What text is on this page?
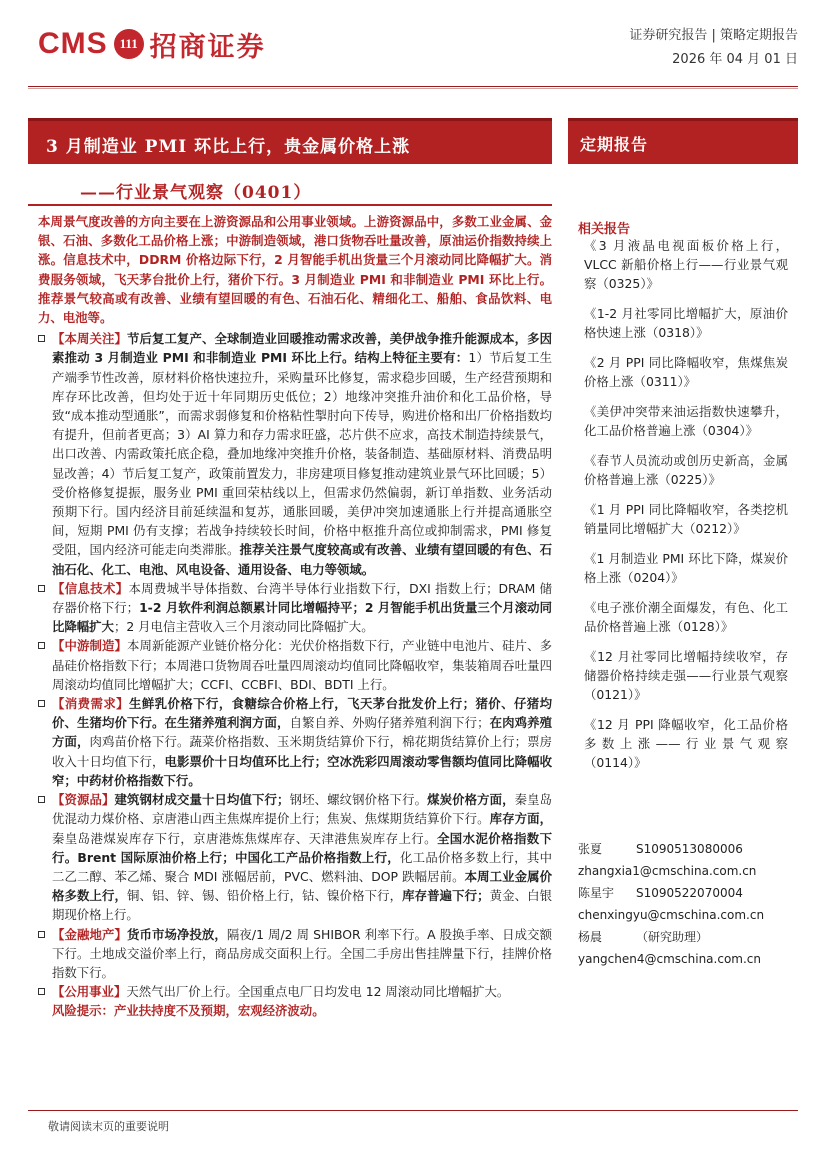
CMS 111 招商证券	证券研究报告 | 策略定期报告
2026 年 04 月 01 日
3 月制造业 PMI 环比上行，贵金属价格上涨
——行业景气观察（0401）
定期报告

本周景气度改善的方向主要在上游资源品和公用事业领域。上游资源品中，多数工业金属、金银、石油、多数化工品价格上涨；中游制造领域，港口货物吞吐量改善，原油运价指数持续上涨。信息技术中，DDRM 价格边际下行，2 月智能手机出货量三个月滚动同比降幅扩大。消费服务领域，飞天茅台批价上行，猪价下行。3 月制造业 PMI 和非制造业 PMI 环比上行。推荐景气较高或有改善、业绩有望回暖的有色、石油石化、精细化工、船舶、食品饮料、电力、电池等。

【本周关注】节后复工复产、全球制造业回暖推动需求改善，美伊战争推升能源成本，多因素推动 3 月制造业 PMI 和非制造业 PMI 环比上行。结构上特征主要有：1）节后复工生产端季节性改善，原材料价格快速拉升，采购量环比修复，需求稳步回暖，生产经营预期和库存环比改善，但均处于近十年同期历史低位；2）地缘冲突推升油价和化工品价格，导致“成本推动型通胀”，而需求弱修复和价格粘性掣肘向下传导，购进价格和出厂价格指数均有提升，但前者更高；3）AI 算力和存力需求旺盛，芯片供不应求，高技术制造持续景气，出口改善、内需政策托底企稳，叠加地缘冲突推升价格，装备制造、基础原材料、消费品明显改善；4）节后复工复产，政策前置发力，非房建项目修复推动建筑业景气环比回暖；5）受价格修复提振，服务业 PMI 重回荣枯线以上，但需求仍然偏弱，新订单指数、业务活动预期下行。国内经济目前延续温和复苏，通胀回暖，美伊冲突加速通胀上行并提高通胀空间，短期 PMI 仍有支撑；若战争持续较长时间，价格中枢推升高位或抑制需求，PMI 修复受阻，国内经济可能走向类滞胀。推荐关注景气度较高或有改善、业绩有望回暖的有色、石油石化、化工、电池、风电设备、通用设备、电力等领域。

【信息技术】本周费城半导体指数、台湾半导体行业指数下行，DXI 指数上行；DRAM 储存器价格下行；1-2 月软件利润总额累计同比增幅持平；2 月智能手机出货量三个月滚动同比降幅扩大；2 月电信主营收入三个月滚动同比降幅扩大。

【中游制造】本周新能源产业链价格分化：光伏价格指数下行，产业链中电池片、硅片、多晶硅价格指数下行；本周港口货物周吞吐量四周滚动均值同比降幅收窄，集装箱周吞吐量四周滚动均值同比增幅扩大；CCFI、CCBFI、BDI、BDTI 上行。

【消费需求】生鲜乳价格下行，食糖综合价格上行，飞天茅台批发价上行；猪价、仔猪均价、生猪均价下行。在生猪养殖利润方面，自繁自养、外购仔猪养殖利润下行；在肉鸡养殖方面，肉鸡苗价格下行。蔬菜价格指数、玉米期货结算价下行，棉花期货结算价上行；票房收入十日均值下行，电影票价十日均值环比上行；空冰洗彩四周滚动零售额均值同比降幅收窄；中药材价格指数下行。

【资源品】建筑钢材成交量十日均值下行；钢坯、螺纹钢价格下行。煤炭价格方面，秦皇岛优混动力煤价格、京唐港山西主焦煤库提价上行；焦炭、焦煤期货结算价下行。库存方面，秦皇岛港煤炭库存下行，京唐港炼焦煤库存、天津港焦炭库存上行。全国水泥价格指数下行。Brent 国际原油价格上行；中国化工产品价格指数上行，化工品价格多数上行，其中二乙二醇、苯乙烯、聚合 MDI 涨幅居前，PVC、燃料油、DOP 跌幅居前。本周工业金属价格多数上行，铜、铝、锌、锡、铅价格上行，钴、镍价格下行，库存普遍下行；黄金、白银期现价格上行。

【金融地产】货币市场净投放，隔夜/1 周/2 周 SHIBOR 利率下行。A 股换手率、日成交额下行。土地成交溢价率上行，商品房成交面积上行。全国二手房出售挂牌量下行，挂牌价格指数下行。

【公用事业】天然气出厂价上行。全国重点电厂日均发电 12 周滚动同比增幅扩大。

风险提示：产业扶持度不及预期，宏观经济波动。

相关报告
《3 月液晶电视面板价格上行，VLCC 新船价格上行——行业景气观察（0325）》
《1-2 月社零同比增幅扩大，原油价格快速上涨（0318）》
《2 月 PPI 同比降幅收窄，焦煤焦炭价格上涨（0311）》
《美伊冲突带来油运指数快速攀升，化工品价格普遍上涨（0304）》
《春节人员流动或创历史新高，金属价格普遍上涨（0225）》
《1 月 PPI 同比降幅收窄，各类挖机销量同比增幅扩大（0212）》
《1 月制造业 PMI 环比下降，煤炭价格上涨（0204）》
《电子涨价潮全面爆发，有色、化工品价格普遍上涨（0128）》
《12 月社零同比增幅持续收窄，存储器价格持续走强——行业景气观察（0121）》
《12 月 PPI 降幅收窄，化工品价格多数上涨——行业景气观察（0114）》
张夏	S1090513080006
zhangxia1@cmschina.com.cn
陈星宇	S1090522070004
chenxingyu@cmschina.com.cn
杨晨	（研究助理）
yangchen4@cmschina.com.cn
敬请阅读末页的重要说明
